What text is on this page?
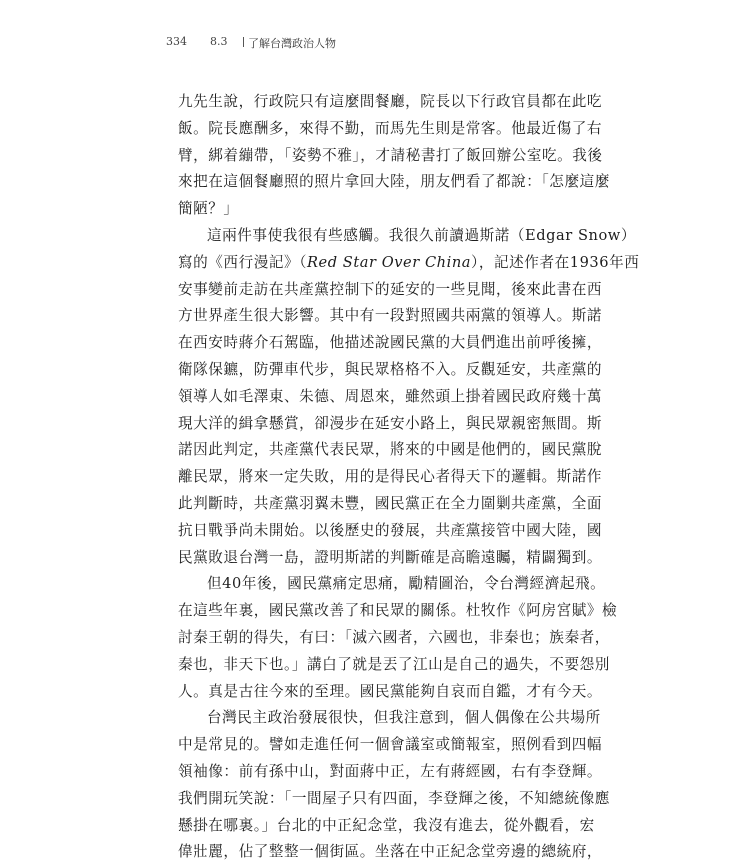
334 8.3 了解台灣政治人物
九先生說，行政院只有這麼間餐廳，院長以下行政官員都在此吃
飯。院長應酬多，來得不勤，而馬先生則是常客。他最近傷了右
臂，綁着繃帶，「姿勢不雅」，才請秘書打了飯回辦公室吃。我後
來把在這個餐廳照的照片拿回大陸，朋友們看了都說：「怎麼這麼
簡陋？」
這兩件事使我很有些感觸。我很久前讀過斯諾（Edgar Snow）
寫的《西行漫記》（Red Star Over China），記述作者在1936年西
安事變前走訪在共產黨控制下的延安的一些見聞，後來此書在西
方世界產生很大影響。其中有一段對照國共兩黨的領導人。斯諾
在西安時蔣介石駕臨，他描述說國民黨的大員們進出前呼後擁，
衛隊保鑣，防彈車代步，與民眾格格不入。反觀延安，共產黨的
領導人如毛澤東、朱德、周恩來，雖然頭上掛着國民政府幾十萬
現大洋的緝拿懸賞，卻漫步在延安小路上，與民眾親密無間。斯
諾因此判定，共產黨代表民眾，將來的中國是他們的，國民黨脫
離民眾，將來一定失敗，用的是得民心者得天下的邏輯。斯諾作
此判斷時，共產黨羽翼未豐，國民黨正在全力圍剿共產黨，全面
抗日戰爭尚未開始。以後歷史的發展，共產黨接管中國大陸，國
民黨敗退台灣一島，證明斯諾的判斷確是高瞻遠矚，精闢獨到。
但40年後，國民黨痛定思痛，勵精圖治，令台灣經濟起飛。
在這些年裏，國民黨改善了和民眾的關係。杜牧作《阿房宮賦》檢
討秦王朝的得失，有曰：「滅六國者，六國也，非秦也；族秦者，
秦也，非天下也。」講白了就是丟了江山是自己的過失，不要怨別
人。真是古往今來的至理。國民黨能夠自哀而自鑑，才有今天。
台灣民主政治發展很快，但我注意到，個人偶像在公共場所
中是常見的。譬如走進任何一個會議室或簡報室，照例看到四幅
領袖像：前有孫中山，對面蔣中正，左有蔣經國，右有李登輝。
我們開玩笑說：「一間屋子只有四面，李登輝之後，不知總統像應
懸掛在哪裏。」台北的中正紀念堂，我沒有進去，從外觀看，宏
偉壯麗，佔了整整一個街區。坐落在中正紀念堂旁邊的總統府，
